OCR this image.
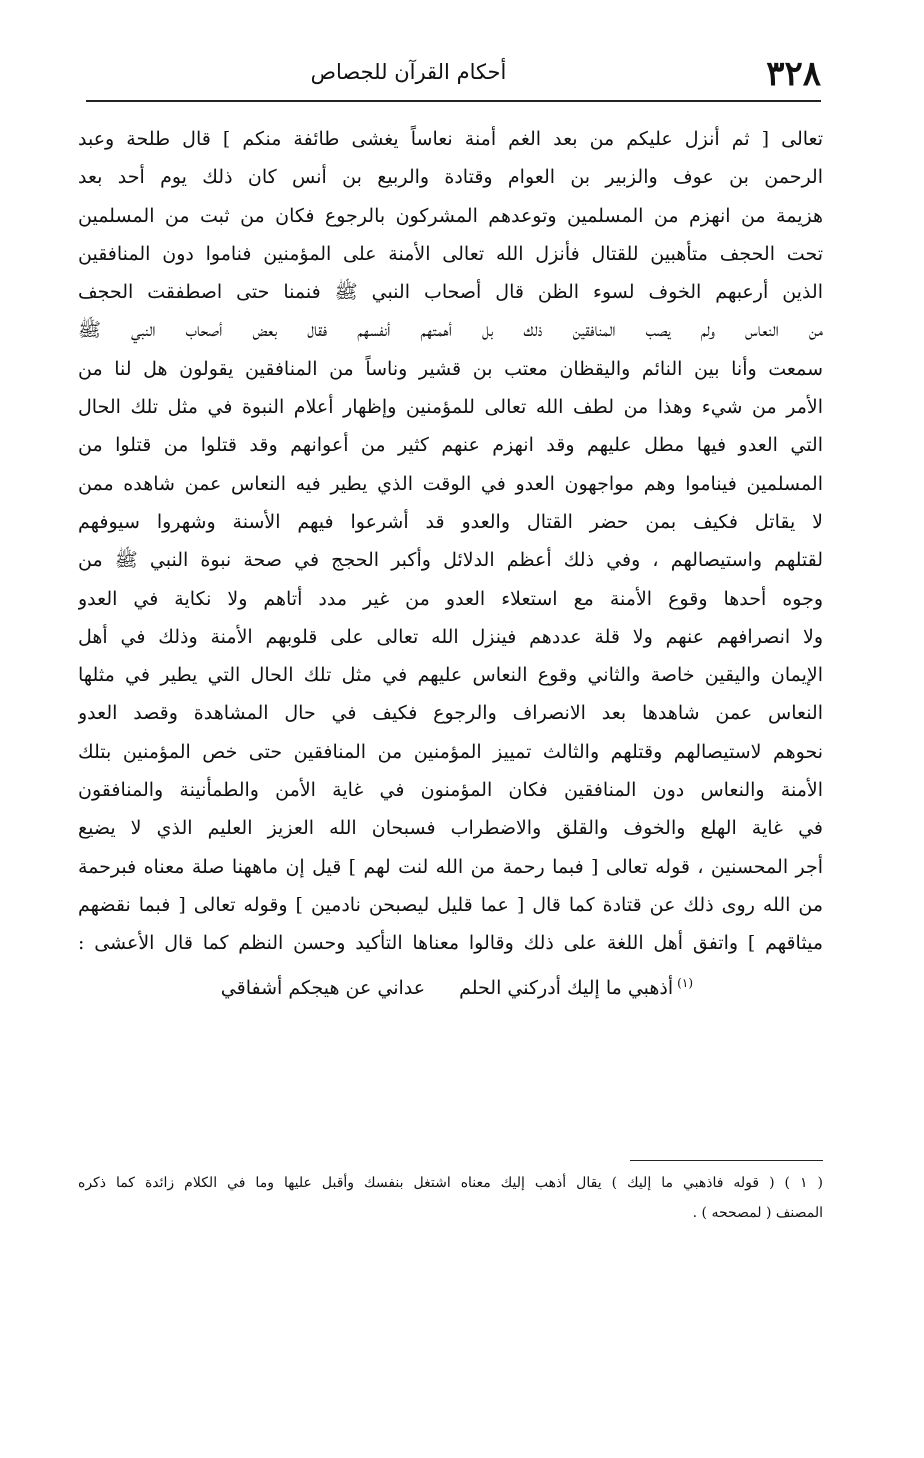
٣٢٨
أحكام القرآن للجصاص
تعالى [ ثم أنزل عليكم من بعد الغم أمنة نعاساً يغشى طائفة منكم ] قال طلحة وعبد
الرحمن بن عوف والزبير بن العوام وقتادة والربيع بن أنس كان ذلك يوم أحد بعد
هزيمة من انهزم من المسلمين وتوعدهم المشركون بالرجوع فكان من ثبت من المسلمين
تحت الحجف متأهبين للقتال فأنزل الله تعالى الأمنة على المؤمنين فناموا دون المنافقين
الذين أرعبهم الخوف لسوء الظن قال أصحاب النبي ﷺ فنمنا حتى اصطفقت الحجف
من النعاس ولم يصب المنافقين ذلك بل أهمتهم أنفسهم فقال بعض أصحاب النبي ﷺ
سمعت وأنا بين النائم واليقظان معتب بن قشير وناساً من المنافقين يقولون هل لنا من
الأمر من شيء وهذا من لطف الله تعالى للمؤمنين وإظهار أعلام النبوة في مثل تلك الحال
التي العدو فيها مطل عليهم وقد انهزم عنهم كثير من أعوانهم وقد قتلوا من قتلوا من
المسلمين فيناموا وهم مواجهون العدو في الوقت الذي يطير فيه النعاس عمن شاهده ممن
لا يقاتل فكيف بمن حضر القتال والعدو قد أشرعوا فيهم الأسنة وشهروا سيوفهم
لقتلهم واستيصالهم ، وفي ذلك أعظم الدلائل وأكبر الحجج في صحة نبوة النبي ﷺ من
وجوه أحدها وقوع الأمنة مع استعلاء العدو من غير مدد أتاهم ولا نكاية في العدو
ولا انصرافهم عنهم ولا قلة عددهم فينزل الله تعالى على قلوبهم الأمنة وذلك في أهل
الإيمان واليقين خاصة والثاني وقوع النعاس عليهم في مثل تلك الحال التي يطير في مثلها
النعاس عمن شاهدها بعد الانصراف والرجوع فكيف في حال المشاهدة وقصد العدو
نحوهم لاستيصالهم وقتلهم والثالث تمييز المؤمنين من المنافقين حتى خص المؤمنين بتلك
الأمنة والنعاس دون المنافقين فكان المؤمنون في غاية الأمن والطمأنينة والمنافقون
في غاية الهلع والخوف والقلق والاضطراب فسبحان الله العزيز العليم الذي لا يضيع
أجر المحسنين ، قوله تعالى [ فبما رحمة من الله لنت لهم ] قيل إن ماههنا صلة معناه فبرحمة
من الله روى ذلك عن قتادة كما قال [ عما قليل ليصبحن نادمين ] وقوله تعالى [ فبما نقضهم
ميثاقهم ] واتفق أهل اللغة على ذلك وقالوا معناها التأكيد وحسن النظم كما قال الأعشى :
$^{(١)}$أذهبي ما إليك أدركني الحلمعداني عن هيجكم أشفاقي
( ١ ) ( قوله فاذهبي ما إليك ) يقال أذهب إليك معناه اشتغل بنفسك وأقبل عليها وما في الكلام زائدة كما ذكره
المصنف ( لمصححه ) .
